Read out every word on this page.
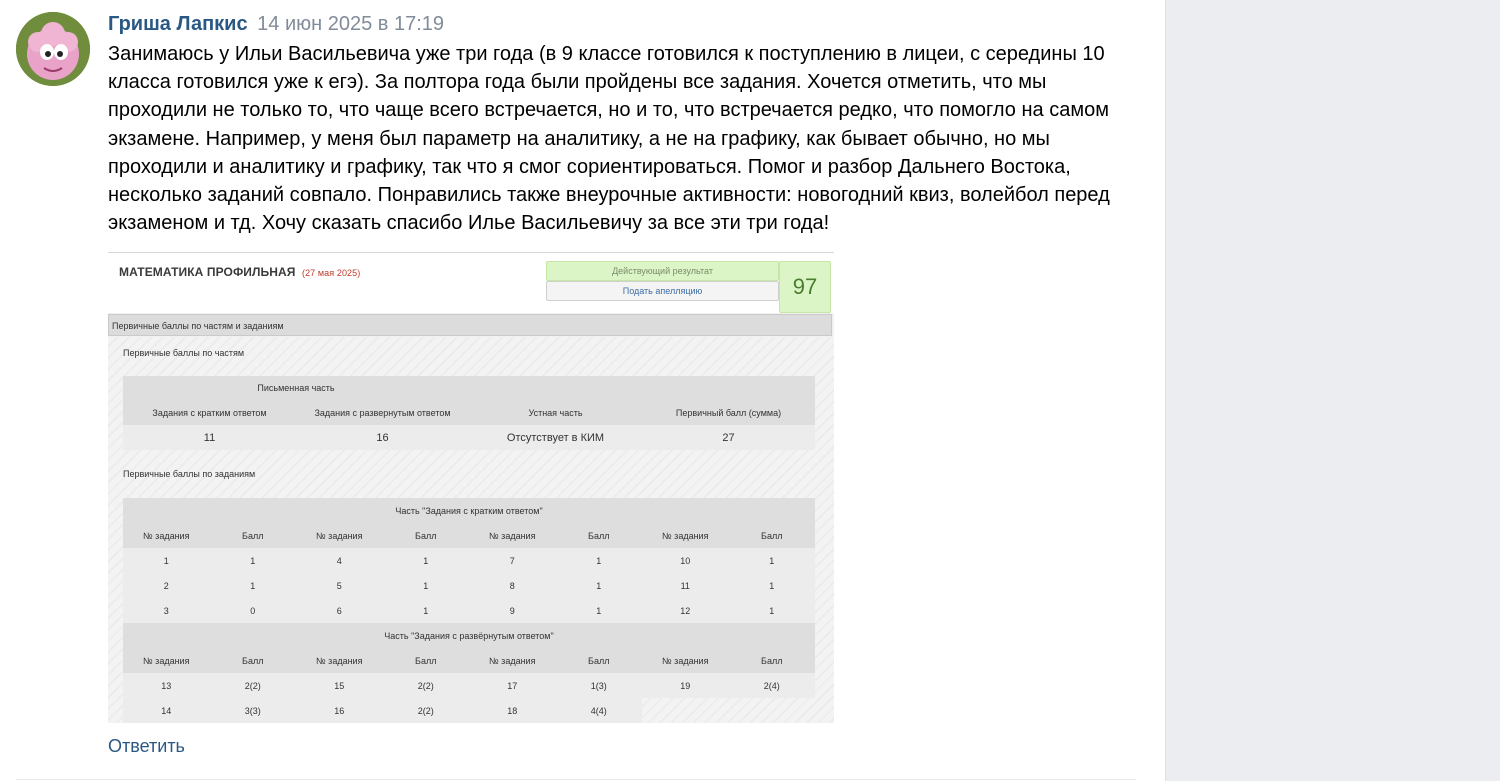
Гриша Лапкис 14 июн 2025 в 17:19
Занимаюсь у Ильи Васильевича уже три года (в 9 классе готовился к поступлению в лицеи, с середины 10 класса готовился уже к егэ). За полтора года были пройдены все задания. Хочется отметить, что мы проходили не только то, что чаще всего встречается, но и то, что встречается редко, что помогло на самом экзамене. Например, у меня был параметр на аналитику, а не на графику, как бывает обычно, но мы проходили и аналитику и графику, так что я смог сориентироваться. Помог и разбор Дальнего Востока, несколько заданий совпало. Понравились также внеурочные активности: новогодний квиз, волейбол перед экзаменом и тд. Хочу сказать спасибо Илье Васильевичу за все эти три года!
МАТЕМАТИКА ПРОФИЛЬНАЯ (27 мая 2025)	Действующий результат
Подать апелляцию	97
Первичные баллы по частям и заданиям
Первичные баллы по частям
Письменная часть			
Задания с кратким ответом	Задания с развернутым ответом	Устная часть	Первичный балл (сумма)
11	16	Отсутствует в КИМ	27
Первичные баллы по заданиям
Часть "Задания с кратким ответом"							
№ задания	Балл	№ задания	Балл	№ задания	Балл	№ задания	Балл
1	1	4	1	7	1	10	1
2	1	5	1	8	1	11	1
3	0	6	1	9	1	12	1
Часть "Задания с развёрнутым ответом"							
№ задания	Балл	№ задания	Балл	№ задания	Балл	№ задания	Балл
13	2(2)	15	2(2)	17	1(3)	19	2(4)
14	3(3)	16	2(2)	18	4(4)		
Ответить
